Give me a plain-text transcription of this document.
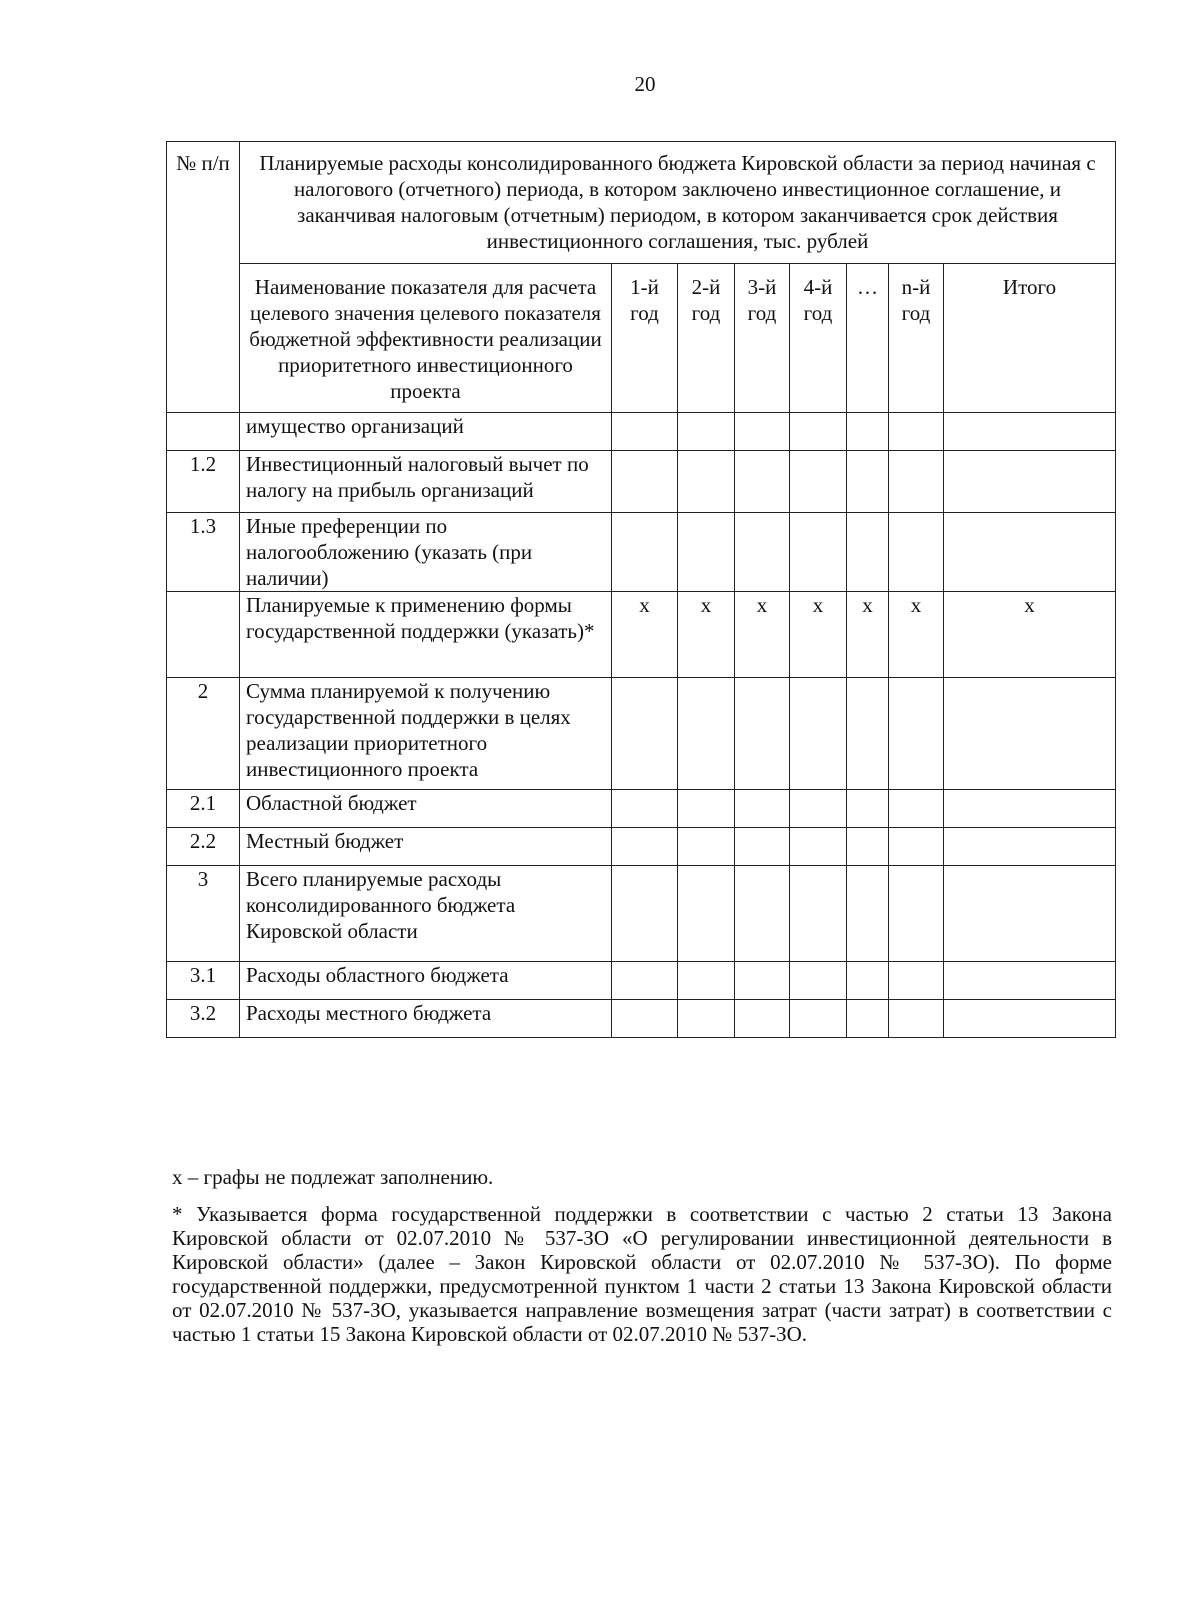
20
№ п/п	Планируемые расходы консолидированного бюджета Кировской области за период начиная с налогового (отчетного) периода, в котором заключено инвестиционное соглашение, и заканчивая налоговым (отчетным) периодом, в котором заканчивается срок действия инвестиционного соглашения, тыс. рублей							
	Наименование показателя для расчета целевого значения целевого показателя бюджетной эффективности реализации приоритетного инвестиционного проекта	1-й год	2-й год	3-й год	4-й год	…	n-й год	Итого
	имущество организаций							
1.2	Инвестиционный налоговый вычет по налогу на прибыль организаций							
1.3	Иные преференции по налогообложению (указать (при наличии)							
	Планируемые к применению формы государственной поддержки (указать)*	х	х	х	х	х	х	х
2	Сумма планируемой к получению государственной поддержки в целях реализации приоритетного инвестиционного проекта							
2.1	Областной бюджет							
2.2	Местный бюджет							
3	Всего планируемые расходы консолидированного бюджета Кировской области							
3.1	Расходы областного бюджета							
3.2	Расходы местного бюджета							

х – графы не подлежат заполнению.

* Указывается форма государственной поддержки в соответствии с частью 2 статьи 13 Закона Кировской области от 02.07.2010 № 537-ЗО «О регулировании инвестиционной деятельности в Кировской области» (далее – Закон Кировской области от 02.07.2010 № 537-ЗО). По форме государственной поддержки, предусмотренной пунктом 1 части 2 статьи 13 Закона Кировской области от 02.07.2010 № 537-ЗО, указывается направление возмещения затрат (части затрат) в соответствии с частью 1 статьи 15 Закона Кировской области от 02.07.2010 № 537-ЗО.
